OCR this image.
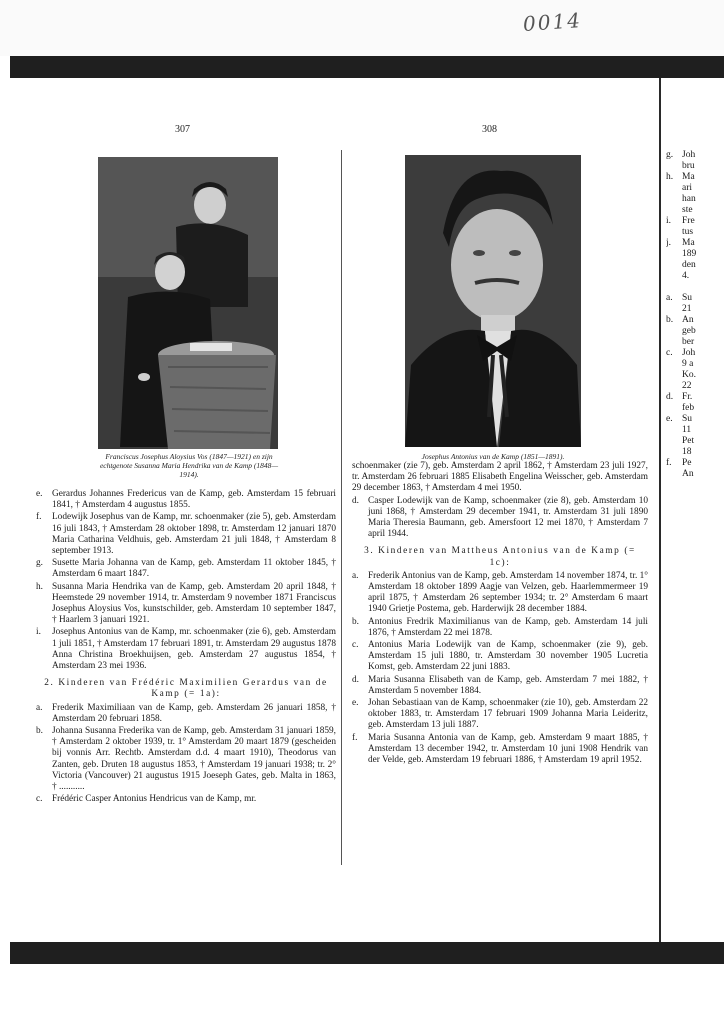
0014
307	308
Franciscus Josephus Aloysius Vos (1847—1921) en zijn echtgenote Susanna Maria Hendrika van de Kamp (1848—1914).
Josephus Antonius van de Kamp (1851—1891).
e. Gerardus Johannes Fredericus van de Kamp, geb. Amsterdam 15 februari 1841, † Amsterdam 4 augustus 1855.
f. Lodewijk Josephus van de Kamp, mr. schoenmaker (zie 5), geb. Amsterdam 16 juli 1843, † Amsterdam 28 oktober 1898, tr. Amsterdam 12 januari 1870 Maria Catharina Veldhuis, geb. Amsterdam 21 juli 1848, † Amsterdam 8 september 1913.
g. Susette Maria Johanna van de Kamp, geb. Amsterdam 11 oktober 1845, † Amsterdam 6 maart 1847.
h. Susanna Maria Hendrika van de Kamp, geb. Amsterdam 20 april 1848, † Heemstede 29 november 1914, tr. Amsterdam 9 november 1871 Franciscus Josephus Aloysius Vos, kunstschilder, geb. Amsterdam 10 september 1847, † Haarlem 3 januari 1921.
i. Josephus Antonius van de Kamp, mr. schoenmaker (zie 6), geb. Amsterdam 1 juli 1851, † Amsterdam 17 februari 1891, tr. Amsterdam 29 augustus 1878 Anna Christina Broekhuijsen, geb. Amsterdam 27 augustus 1854, † Amsterdam 23 mei 1936.
2. Kinderen van Frédéric Maximilien Gerardus van de Kamp (= 1a):
a. Frederik Maximiliaan van de Kamp, geb. Amsterdam 26 januari 1858, † Amsterdam 20 februari 1858.
b. Johanna Susanna Frederika van de Kamp, geb. Amsterdam 31 januari 1859, † Amsterdam 2 oktober 1939, tr. 1° Amsterdam 20 maart 1879 (gescheiden bij vonnis Arr. Rechtb. Amsterdam d.d. 4 maart 1910), Theodorus van Zanten, geb. Druten 18 augustus 1853, † Amsterdam 19 januari 1938; tr. 2° Victoria (Vancouver) 21 augustus 1915 Joeseph Gates, geb. Malta in 1863, † ...........
c. Frédéric Casper Antonius Hendricus van de Kamp, mr.
schoenmaker (zie 7), geb. Amsterdam 2 april 1862, † Amsterdam 23 juli 1927, tr. Amsterdam 26 februari 1885 Elisabeth Engelina Weisscher, geb. Amsterdam 29 december 1863, † Amsterdam 4 mei 1950.
d. Casper Lodewijk van de Kamp, schoenmaker (zie 8), geb. Amsterdam 10 juni 1868, † Amsterdam 29 december 1941, tr. Amsterdam 31 juli 1890 Maria Theresia Baumann, geb. Amersfoort 12 mei 1870, † Amsterdam 7 april 1944.
3. Kinderen van Mattheus Antonius van de Kamp (= 1c):
a. Frederik Antonius van de Kamp, geb. Amsterdam 14 november 1874, tr. 1° Amsterdam 18 oktober 1899 Aagje van Velzen, geb. Haarlemmermeer 19 april 1875, † Amsterdam 26 september 1934; tr. 2° Amsterdam 6 maart 1940 Grietje Postema, geb. Harderwijk 28 december 1884.
b. Antonius Fredrik Maximilianus van de Kamp, geb. Amsterdam 14 juli 1876, † Amsterdam 22 mei 1878.
c. Antonius Maria Lodewijk van de Kamp, schoenmaker (zie 9), geb. Amsterdam 15 juli 1880, tr. Amsterdam 30 november 1905 Lucretia Komst, geb. Amsterdam 22 juni 1883.
d. Maria Susanna Elisabeth van de Kamp, geb. Amsterdam 7 mei 1882, † Amsterdam 5 november 1884.
e. Johan Sebastiaan van de Kamp, schoenmaker (zie 10), geb. Amsterdam 22 oktober 1883, tr. Amsterdam 17 februari 1909 Johanna Maria Leideritz, geb. Amsterdam 13 juli 1887.
f. Maria Susanna Antonia van de Kamp, geb. Amsterdam 9 maart 1885, † Amsterdam 13 december 1942, tr. Amsterdam 10 juni 1908 Hendrik van der Velde, geb. Amsterdam 19 februari 1886, † Amsterdam 19 april 1952.
g. Joh
bru
h. Ma
ari
han
ste
i. Fre
tus
j. Ma
189
den
4.

a. Su
21
b. An
geb
ber
c. Joh
9 a
Ko.
22
d. Fr.
feb
e. Su
11
Pet
18
f. Pe
An
